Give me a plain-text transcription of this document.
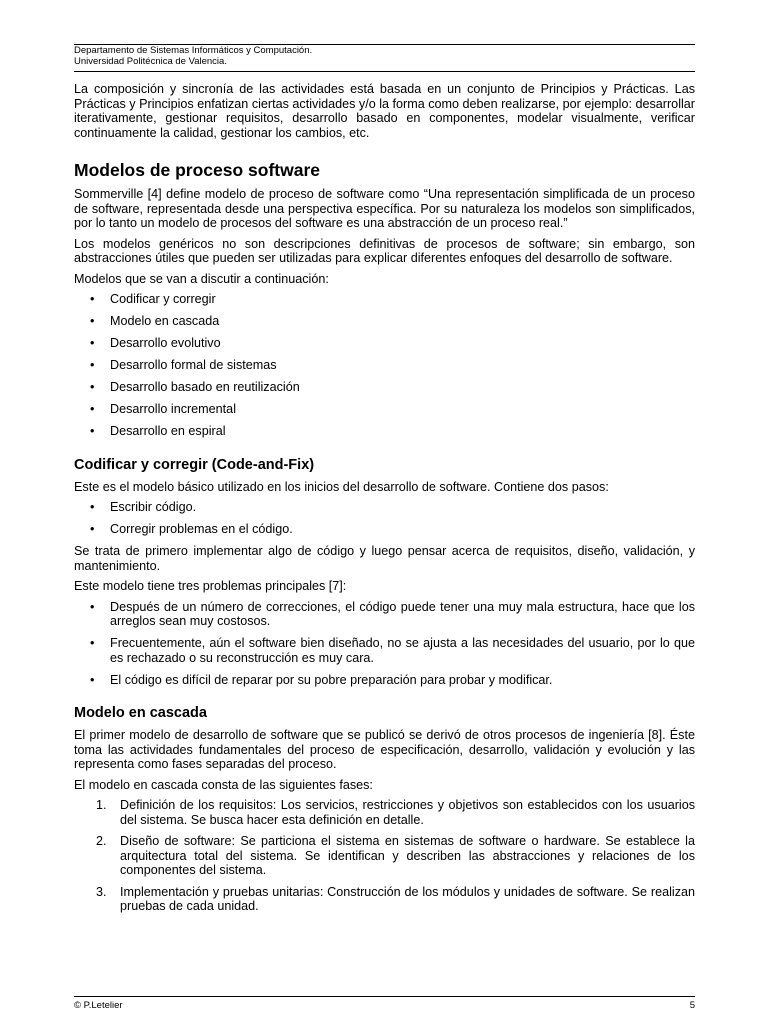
Departamento de Sistemas Informáticos y Computación.
Universidad Politécnica de Valencia.

La composición y sincronía de las actividades está basada en un conjunto de Principios y Prácticas. Las Prácticas y Principios enfatizan ciertas actividades y/o la forma como deben realizarse, por ejemplo: desarrollar iterativamente, gestionar requisitos, desarrollo basado en componentes, modelar visualmente, verificar continuamente la calidad, gestionar los cambios, etc.

Modelos de proceso software

Sommerville [4] define modelo de proceso de software como “Una representación simplificada de un proceso de software, representada desde una perspectiva específica. Por su naturaleza los modelos son simplificados, por lo tanto un modelo de procesos del software es una abstracción de un proceso real.”

Los modelos genéricos no son descripciones definitivas de procesos de software; sin embargo, son abstracciones útiles que pueden ser utilizadas para explicar diferentes enfoques del desarrollo de software.

Modelos que se van a discutir a continuación:

• Codificar y corregir
• Modelo en cascada
• Desarrollo evolutivo
• Desarrollo formal de sistemas
• Desarrollo basado en reutilización
• Desarrollo incremental
• Desarrollo en espiral
Codificar y corregir (Code-and-Fix)

Este es el modelo básico utilizado en los inicios del desarrollo de software. Contiene dos pasos:

• Escribir código.
• Corregir problemas en el código.

Se trata de primero implementar algo de código y luego pensar acerca de requisitos, diseño, validación, y mantenimiento.

Este modelo tiene tres problemas principales [7]:

• Después de un número de correcciones, el código puede tener una muy mala estructura, hace que los arreglos sean muy costosos.
• Frecuentemente, aún el software bien diseñado, no se ajusta a las necesidades del usuario, por lo que es rechazado o su reconstrucción es muy cara.
• El código es difícil de reparar por su pobre preparación para probar y modificar.
Modelo en cascada

El primer modelo de desarrollo de software que se publicó se derivó de otros procesos de ingeniería [8]. Éste toma las actividades fundamentales del proceso de especificación, desarrollo, validación y evolución y las representa como fases separadas del proceso.

El modelo en cascada consta de las siguientes fases:

1. Definición de los requisitos: Los servicios, restricciones y objetivos son establecidos con los usuarios del sistema. Se busca hacer esta definición en detalle.
2. Diseño de software: Se particiona el sistema en sistemas de software o hardware. Se establece la arquitectura total del sistema. Se identifican y describen las abstracciones y relaciones de los componentes del sistema.
3. Implementación y pruebas unitarias: Construcción de los módulos y unidades de software. Se realizan pruebas de cada unidad.
© P.Letelier	5
